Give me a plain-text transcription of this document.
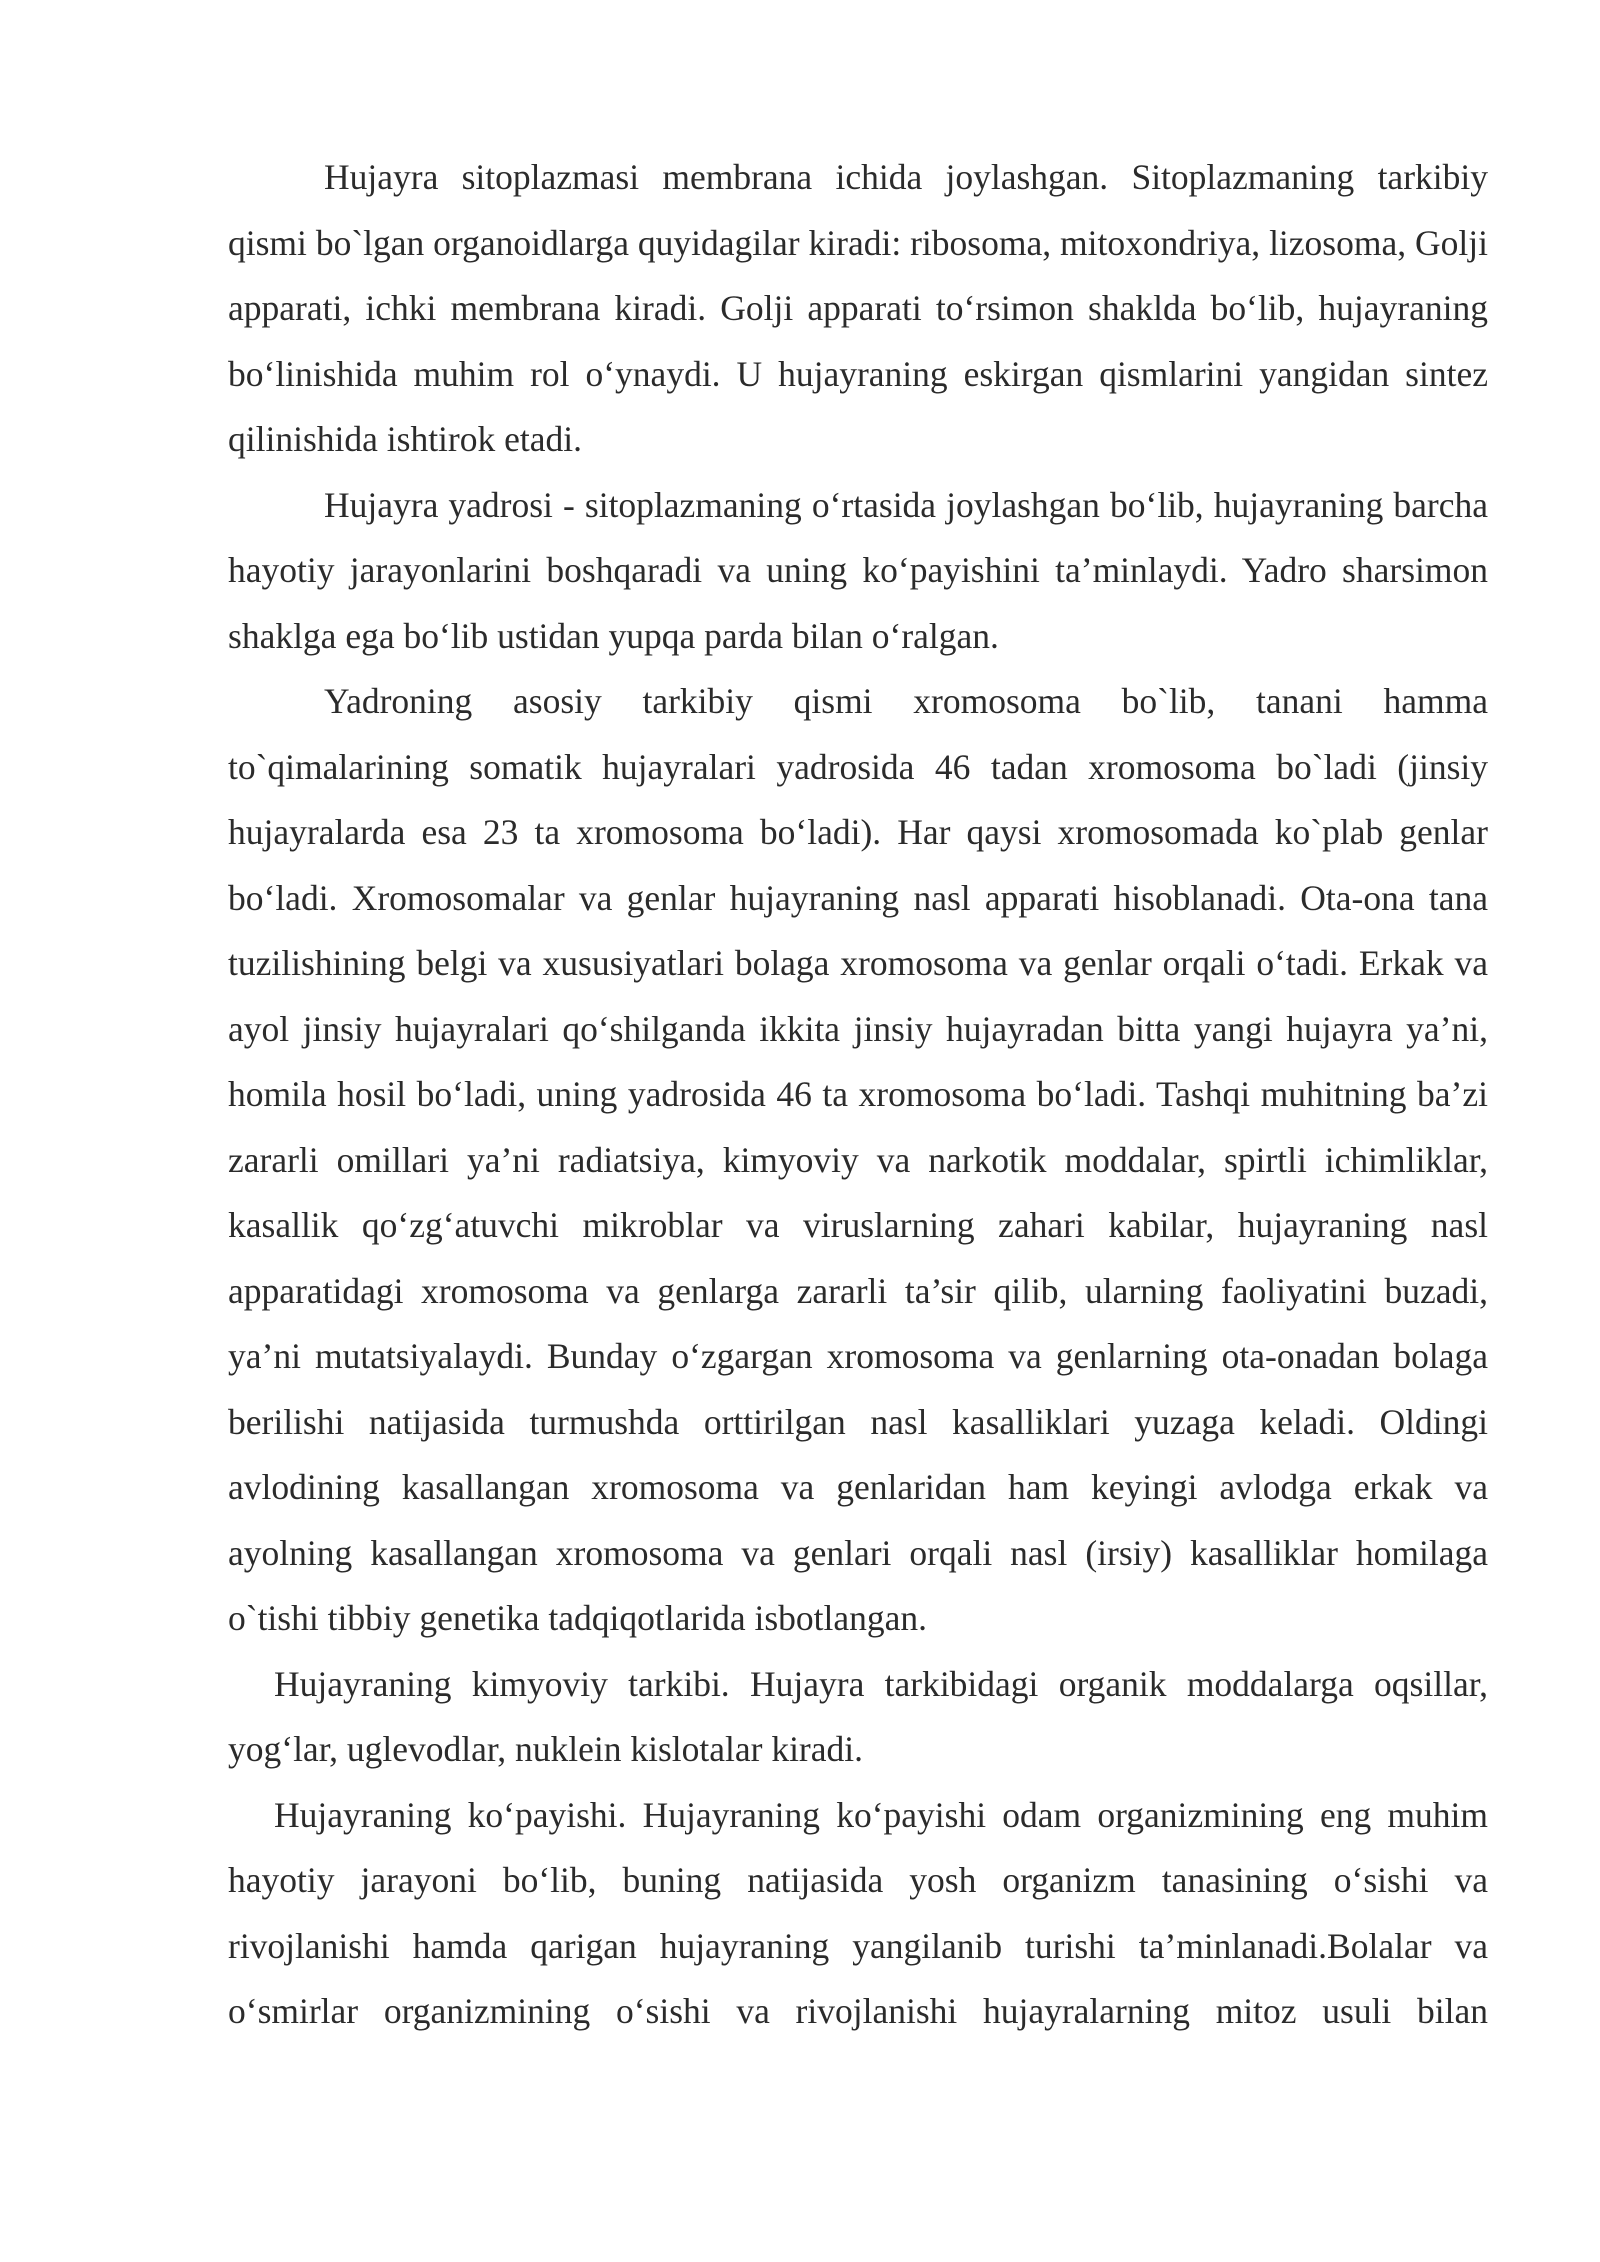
Hujayra sitoplazmasi membrana ichida joylashgan. Sitoplazmaning tarkibiy qismi bo`lgan organoidlarga quyidagilar kiradi: ribosoma, mitoxondriya, lizosoma, Golji apparati, ichki membrana kiradi. Golji apparati to‘rsimon shaklda bo‘lib, hujayraning bo‘linishida muhim rol o‘ynaydi. U hujayraning eskirgan qismlarini yangidan sintez qilinishida ishtirok etadi.

Hujayra yadrosi - sitoplazmaning o‘rtasida joylashgan bo‘lib, hujayraning barcha hayotiy jarayonlarini boshqaradi va uning ko‘payishini ta’minlaydi. Yadro sharsimon shaklga ega bo‘lib ustidan yupqa parda bilan o‘ralgan.

Yadroning asosiy tarkibiy qismi xromosoma bo`lib, tanani hamma to`qimalarining somatik hujayralari yadrosida 46 tadan xromosoma bo`ladi (jinsiy hujayralarda esa 23 ta xromosoma bo‘ladi). Har qaysi xromosomada ko`plab genlar bo‘ladi. Xromosomalar va genlar hujayraning nasl apparati hisoblanadi. Ota-ona tana tuzilishining belgi va xususiyatlari bolaga xromosoma va genlar orqali o‘tadi. Erkak va ayol jinsiy hujayralari qo‘shilganda ikkita jinsiy hujayradan bitta yangi hujayra ya’ni, homila hosil bo‘ladi, uning yadrosida 46 ta xromosoma bo‘ladi. Tashqi muhitning ba’zi zararli omillari ya’ni radiatsiya, kimyoviy va narkotik moddalar, spirtli ichimliklar, kasallik qo‘zg‘atuvchi mikroblar va viruslarning zahari kabilar, hujayraning nasl apparatidagi xromosoma va genlarga zararli ta’sir qilib, ularning faoliyatini buzadi, ya’ni mutatsiyalaydi. Bunday o‘zgargan xromosoma va genlarning ota-onadan bolaga berilishi natijasida turmushda orttirilgan nasl kasalliklari yuzaga keladi. Oldingi avlodining kasallangan xromosoma va genlaridan ham keyingi avlodga erkak va ayolning kasallangan xromosoma va genlari orqali nasl (irsiy) kasalliklar homilaga o`tishi tibbiy genetika tadqiqotlarida isbotlangan.

Hujayraning kimyoviy tarkibi. Hujayra tarkibidagi organik moddalarga oqsillar, yog‘lar, uglevodlar, nuklein kislotalar kiradi.

Hujayraning ko‘payishi. Hujayraning ko‘payishi odam organizmining eng muhim hayotiy jarayoni bo‘lib, buning natijasida yosh organizm tanasining o‘sishi va rivojlanishi hamda qarigan hujayraning yangilanib turishi ta’minlanadi.Bolalar va o‘smirlar organizmining o‘sishi va rivojlanishi hujayralarning mitoz usuli bilan
